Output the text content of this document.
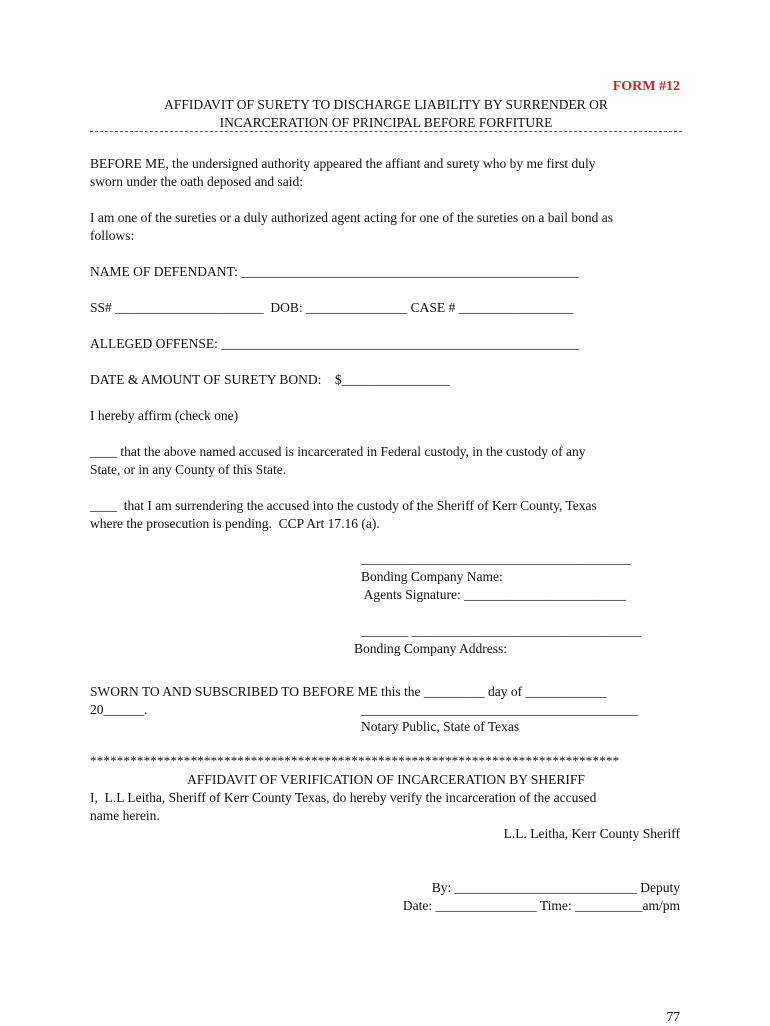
FORM #12
AFFIDAVIT OF SURETY TO DISCHARGE LIABILITY BY SURRENDER OR
INCARCERATION OF PRINCIPAL BEFORE FORFITURE
BEFORE ME, the undersigned authority appeared the affiant and surety who by me first duly
sworn under the oath deposed and said:
I am one of the sureties or a duly authorized agent acting for one of the sureties on a bail bond as
follows:
NAME OF DEFENDANT: __________________________________________________
SS# ______________________  DOB: _______________ CASE # _________________
ALLEGED OFFENSE: _____________________________________________________
DATE & AMOUNT OF SURETY BOND:    $________________
I hereby affirm (check one)
____ that the above named accused is incarcerated in Federal custody, in the custody of any
State, or in any County of this State.
____  that I am surrendering the accused into the custody of the Sheriff of Kerr County, Texas
where the prosecution is pending.  CCP Art 17.16 (a).
________________________________________
Bonding Company Name:
Agents Signature: ________________________
_______ __________________________________
Bonding Company Address:
SWORN TO AND SUBSCRIBED TO BEFORE ME this the _________ day of ____________
20______.	_________________________________________
Notary Public, State of Texas
*******************************************************************************
AFFIDAVIT OF VERIFICATION OF INCARCERATION BY SHERIFF
I,  L.L Leitha, Sheriff of Kerr County Texas, do hereby verify the incarceration of the accused
name herein.
L.L. Leitha, Kerr County Sheriff
By: ___________________________ Deputy
Date: _______________ Time: __________am/pm
77
